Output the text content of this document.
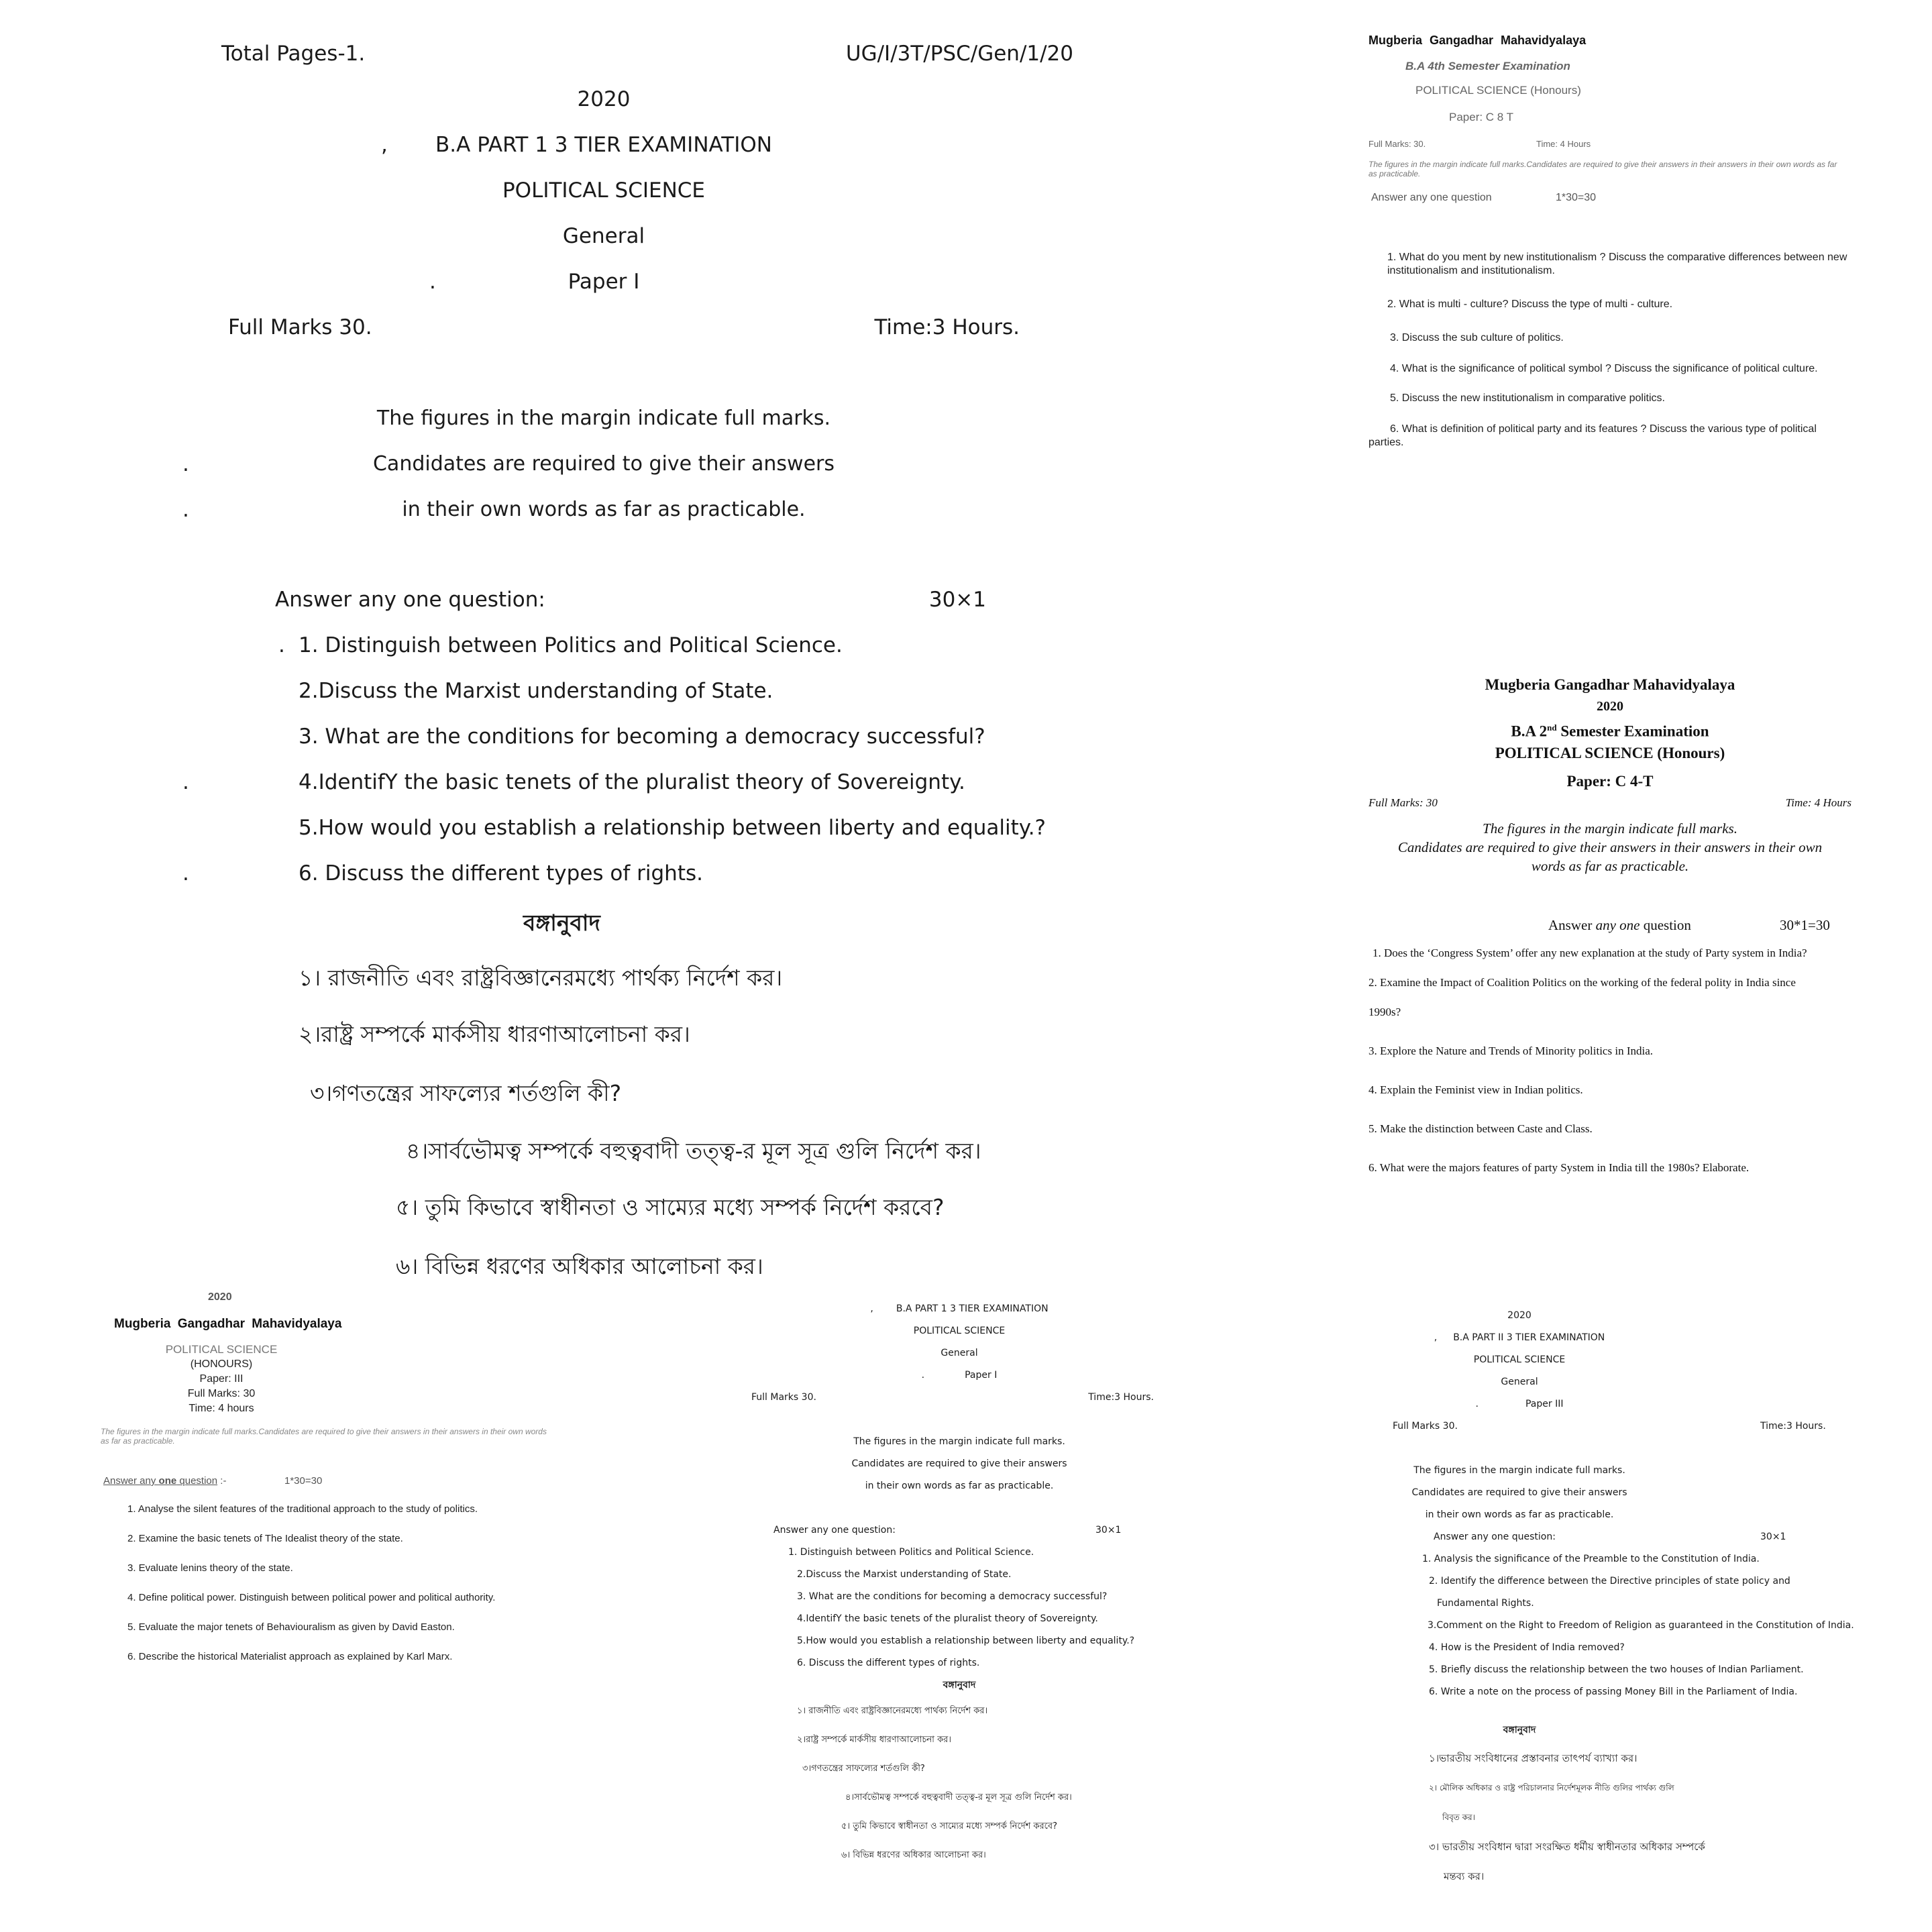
Total Pages-1.	UG/I/3T/PSC/Gen/1/20
2020
,	B.A PART 1 3 TIER EXAMINATION
POLITICAL SCIENCE
General
.	Paper I
Full Marks 30.	Time:3 Hours.
The figures in the margin indicate full marks.
.	Candidates are required to give their answers
.	in their own words as far as practicable.
Answer any one question:	30×1
. 1. Distinguish between Politics and Political Science.
2.Discuss the Marxist understanding of State.
3. What are the conditions for becoming a democracy successful?
.	4.IdentifY the basic tenets of the pluralist theory of Sovereignty.
5.How would you establish a relationship between liberty and equality.?
.	6. Discuss the different types of rights.
বঙ্গানুবাদ
১। রাজনীতি এবং রাষ্ট্রবিজ্ঞানেরমধ্যে পার্থক্য নির্দেশ কর।
২।রাষ্ট্র সম্পর্কে মার্কসীয় ধারণাআলোচনা কর।
৩।গণতন্ত্রের সাফল্যের শর্তগুলি কী?
৪।সার্বভৌমত্ব সম্পর্কে বহুত্ববাদী তত্ত্ব-র মূল সূত্র গুলি নির্দেশ কর।
৫। তুমি কিভাবে স্বাধীনতা ও সাম্যের মধ্যে সম্পর্ক নির্দেশ করবে?
৬। বিভিন্ন ধরণের অধিকার আলোচনা কর।
Mugberia Gangadhar Mahavidyalaya
B.A 4th Semester Examination
POLITICAL SCIENCE (Honours)
Paper: C 8 T
Full Marks: 30.	Time: 4 Hours
The figures in the margin indicate full marks.Candidates are required to give their answers in their answers in their own words as far as practicable.
Answer any one question	1*30=30
1. What do you ment by new institutionalism ? Discuss the comparative differences between new institutionalism and institutionalism.
2. What is multi - culture? Discuss the type of multi - culture.
3. Discuss the sub culture of politics.
4. What is the significance of political symbol ? Discuss the significance of political culture.
5. Discuss the new institutionalism in comparative politics.
6. What is definition of political party and its features ? Discuss the various type of political parties.
Mugberia Gangadhar Mahavidyalaya
2020
B.A 2nd Semester Examination
POLITICAL SCIENCE (Honours)
Paper: C 4-T
Full Marks: 30	Time: 4 Hours
The figures in the margin indicate full marks.
Candidates are required to give their answers in their answers in their own
words as far as practicable.
Answer any one question	30*1=30
1. Does the ‘Congress System’ offer any new explanation at the study of Party system in India?
2. Examine the Impact of Coalition Politics on the working of the federal polity in India since
1990s?
3. Explore the Nature and Trends of Minority politics in India.
4. Explain the Feminist view in Indian politics.
5. Make the distinction between Caste and Class.
6. What were the majors features of party System in India till the 1980s? Elaborate.
2020
Mugberia Gangadhar Mahavidyalaya
POLITICAL SCIENCE
(HONOURS)
Paper: III
Full Marks: 30
Time: 4 hours
The figures in the margin indicate full marks.Candidates are required to give their answers in their answers in their own words as far as practicable.
Answer any one question :-	1*30=30
1. Analyse the silent features of the traditional approach to the study of politics.
2. Examine the basic tenets of The Idealist theory of the state.
3. Evaluate lenins theory of the state.
4. Define political power. Distinguish between political power and political authority.
5. Evaluate the major tenets of Behaviouralism as given by David Easton.
6. Describe the historical Materialist approach as explained by Karl Marx.
, B.A PART 1 3 TIER EXAMINATION
POLITICAL SCIENCE
General
.	Paper I
Full Marks 30.	Time:3 Hours.
The figures in the margin indicate full marks.
Candidates are required to give their answers
in their own words as far as practicable.
Answer any one question:	30×1
1. Distinguish between Politics and Political Science.
2.Discuss the Marxist understanding of State.
3. What are the conditions for becoming a democracy successful?
4.IdentifY the basic tenets of the pluralist theory of Sovereignty.
5.How would you establish a relationship between liberty and equality.?
6. Discuss the different types of rights.
বঙ্গানুবাদ
১। রাজনীতি এবং রাষ্ট্রবিজ্ঞানেরমধ্যে পার্থক্য নির্দেশ কর।
২।রাষ্ট্র সম্পর্কে মার্কসীয় ধারণাআলোচনা কর।
৩।গণতন্ত্রের সাফল্যের শর্তগুলি কী?
৪।সার্বভৌমত্ব সম্পর্কে বহুত্ববাদী তত্ত্ব-র মূল সূত্র গুলি নির্দেশ কর।
৫। তুমি কিভাবে স্বাধীনতা ও সাম্যের মধ্যে সম্পর্ক নির্দেশ করবে?
৬। বিভিন্ন ধরণের অধিকার আলোচনা কর।
2020
, B.A PART II 3 TIER EXAMINATION
POLITICAL SCIENCE
General
.	Paper III
Full Marks 30.	Time:3 Hours.
The figures in the margin indicate full marks.
Candidates are required to give their answers
in their own words as far as practicable.
Answer any one question:	30×1
1. Analysis the significance of the Preamble to the Constitution of India.
2. Identify the difference between the Directive principles of state policy and
Fundamental Rights.
3.Comment on the Right to Freedom of Religion as guaranteed in the Constitution of India.
4. How is the President of India removed?
5. Briefly discuss the relationship between the two houses of Indian Parliament.
6. Write a note on the process of passing Money Bill in the Parliament of India.
বঙ্গানুবাদ
১।ভারতীয় সংবিধানের প্রস্তাবনার তাৎপর্য ব্যাখ্যা কর।
২। মৌলিক অধিকার ও রাষ্ট্র পরিচালনার নির্দেশমূলক নীতি গুলির পার্থক্য গুলি
বিবৃত কর।
৩। ভারতীয় সংবিধান দ্বারা সংরক্ষিত ধর্মীয় স্বাধীনতার অধিকার সম্পর্কে
মন্তব্য কর।
